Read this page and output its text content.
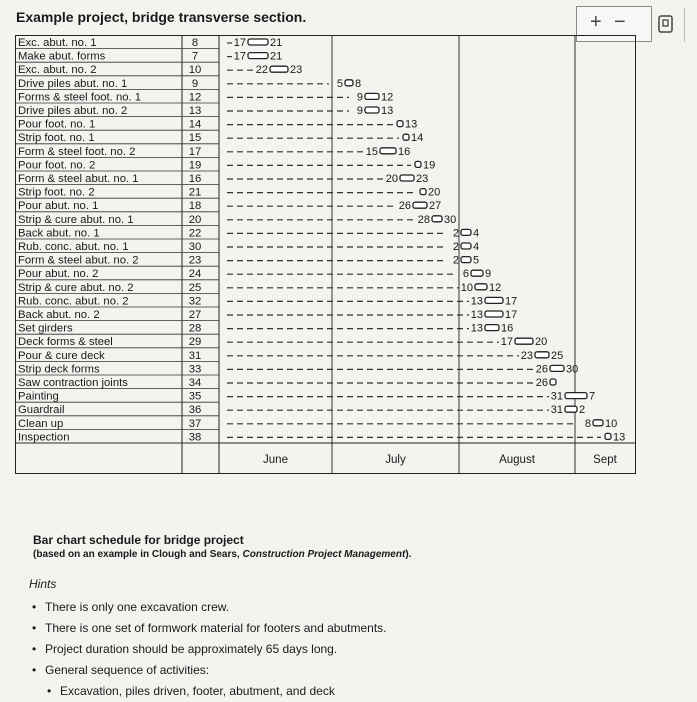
Example project, bridge transverse section.	+ −
Exc. abut. no. 1	8	17 21
Make abut. forms	7	17 21
Exc. abut. no. 2	10	22 23
Drive piles abut. no. 1	9	5 8
Forms & steel foot. no. 1	12	9 12
Drive piles abut. no. 2	13	9 13
Pour foot. no. 1	14	13
Strip foot. no. 1	15	14
Form & steel foot. no. 2	17	15 16
Pour foot. no. 2	19	19
Form & steel abut. no. 1	16	20 23
Strip foot. no. 2	21	20
Pour abut. no. 1	18	26 27
Strip & cure abut. no. 1	20	28 30
Back abut. no. 1	22	2 4
Rub. conc. abut. no. 1	30	2 4
Form & steel abut. no. 2	23	2 5
Pour abut. no. 2	24	6 9
Strip & cure abut. no. 2	25	10 12
Rub. conc. abut. no. 2	32	13 17
Back abut. no. 2	27	13 17
Set girders	28	13 16
Deck forms & steel	29	17 20
Pour & cure deck	31	23 25
Strip deck forms	33	26 30
Saw contraction joints	34	26
Painting	35	31 7
Guardrail	36	31 2
Clean up	37	8 10
Inspection	38	13
June	July	August	Sept
Bar chart schedule for bridge project
(based on an example in Clough and Sears, Construction Project Management).
Hints
• There is only one excavation crew.
• There is one set of formwork material for footers and abutments.
• Project duration should be approximately 65 days long.
• General sequence of activities:
• Excavation, piles driven, footer, abutment, and deck
